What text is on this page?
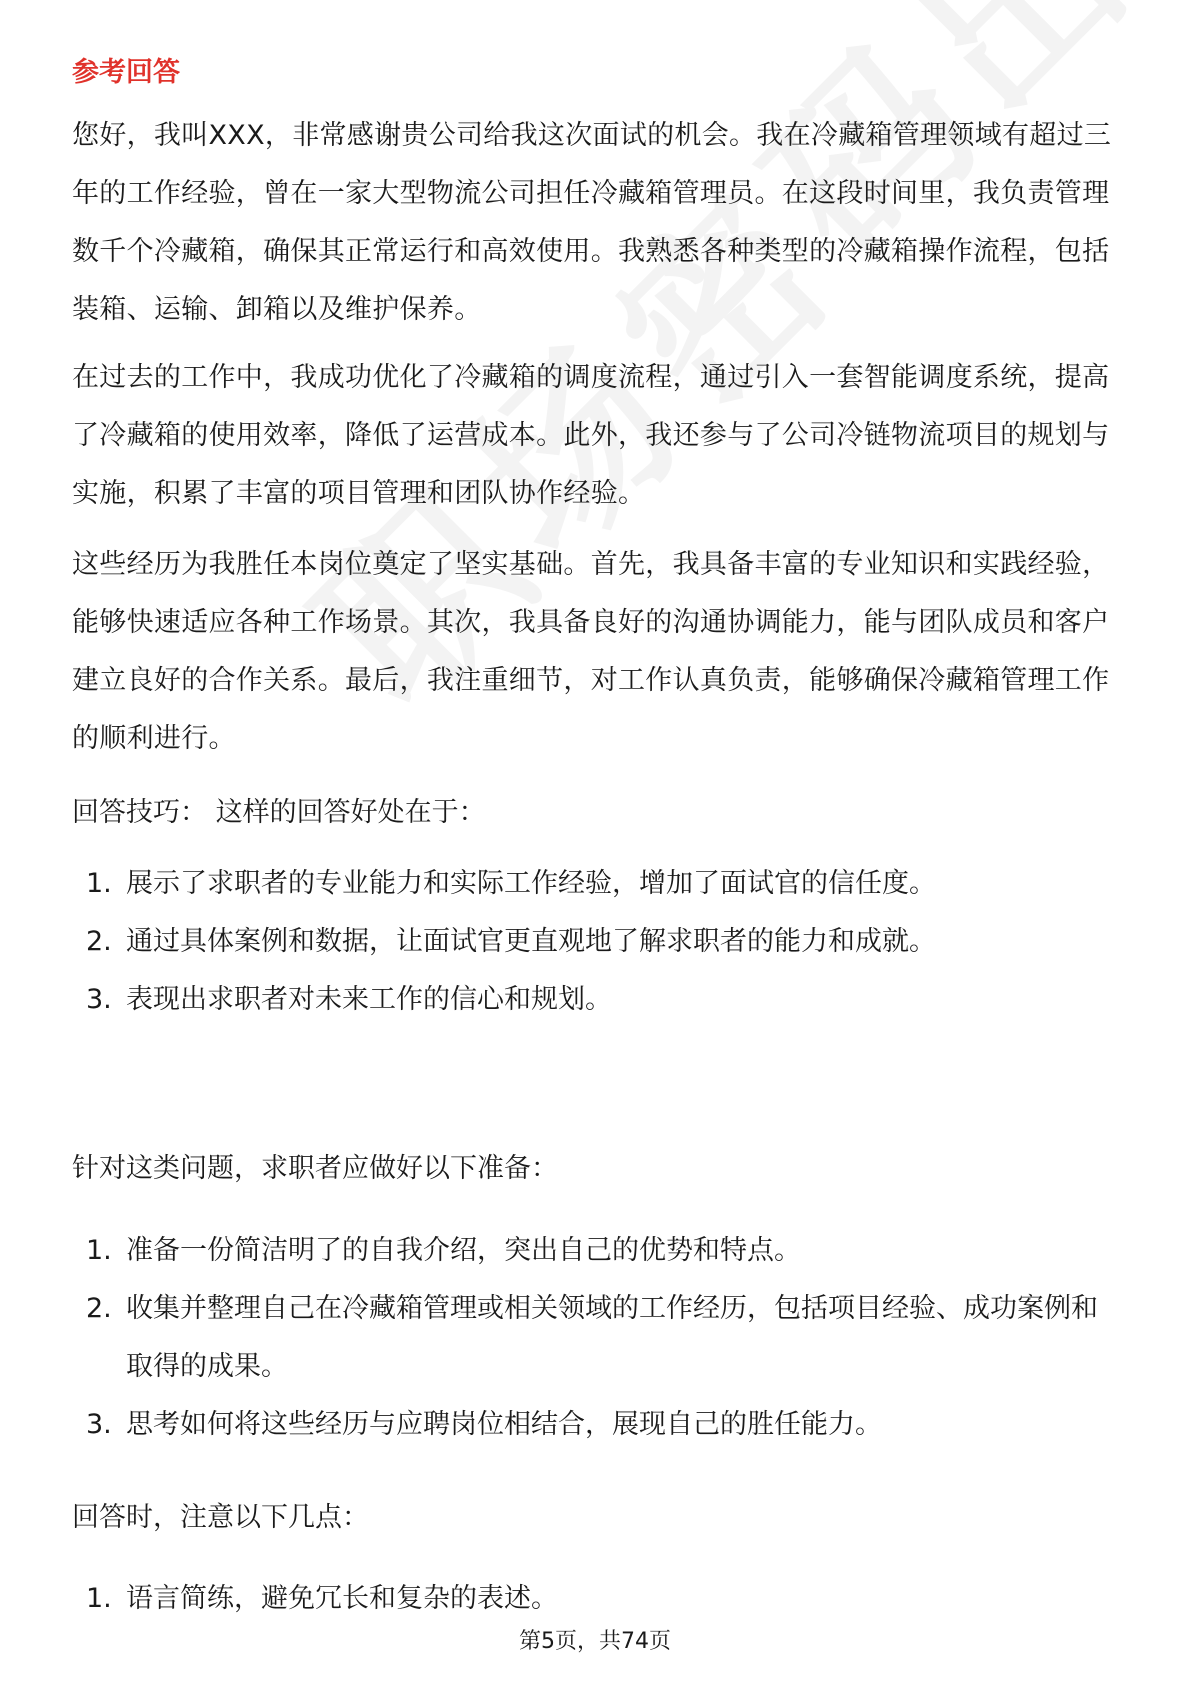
参考回答

您好，我叫XXX，非常感谢贵公司给我这次面试的机会。我在冷藏箱管理领域有超过三年的工作经验，曾在一家大型物流公司担任冷藏箱管理员。在这段时间里，我负责管理数千个冷藏箱，确保其正常运行和高效使用。我熟悉各种类型的冷藏箱操作流程，包括装箱、运输、卸箱以及维护保养。

在过去的工作中，我成功优化了冷藏箱的调度流程，通过引入一套智能调度系统，提高了冷藏箱的使用效率，降低了运营成本。此外，我还参与了公司冷链物流项目的规划与实施，积累了丰富的项目管理和团队协作经验。

这些经历为我胜任本岗位奠定了坚实基础。首先，我具备丰富的专业知识和实践经验，能够快速适应各种工作场景。其次，我具备良好的沟通协调能力，能与团队成员和客户建立良好的合作关系。最后，我注重细节，对工作认真负责，能够确保冷藏箱管理工作的顺利进行。

回答技巧： 这样的回答好处在于：

1. 展示了求职者的专业能力和实际工作经验，增加了面试官的信任度。
2. 通过具体案例和数据，让面试官更直观地了解求职者的能力和成就。
3. 表现出求职者对未来工作的信心和规划。

针对这类问题，求职者应做好以下准备：

1. 准备一份简洁明了的自我介绍，突出自己的优势和特点。
2. 收集并整理自己在冷藏箱管理或相关领域的工作经历，包括项目经验、成功案例和取得的成果。
3. 思考如何将这些经历与应聘岗位相结合，展现自己的胜任能力。

回答时，注意以下几点：

1. 语言简练，避免冗长和复杂的表述。

第5页，共74页
